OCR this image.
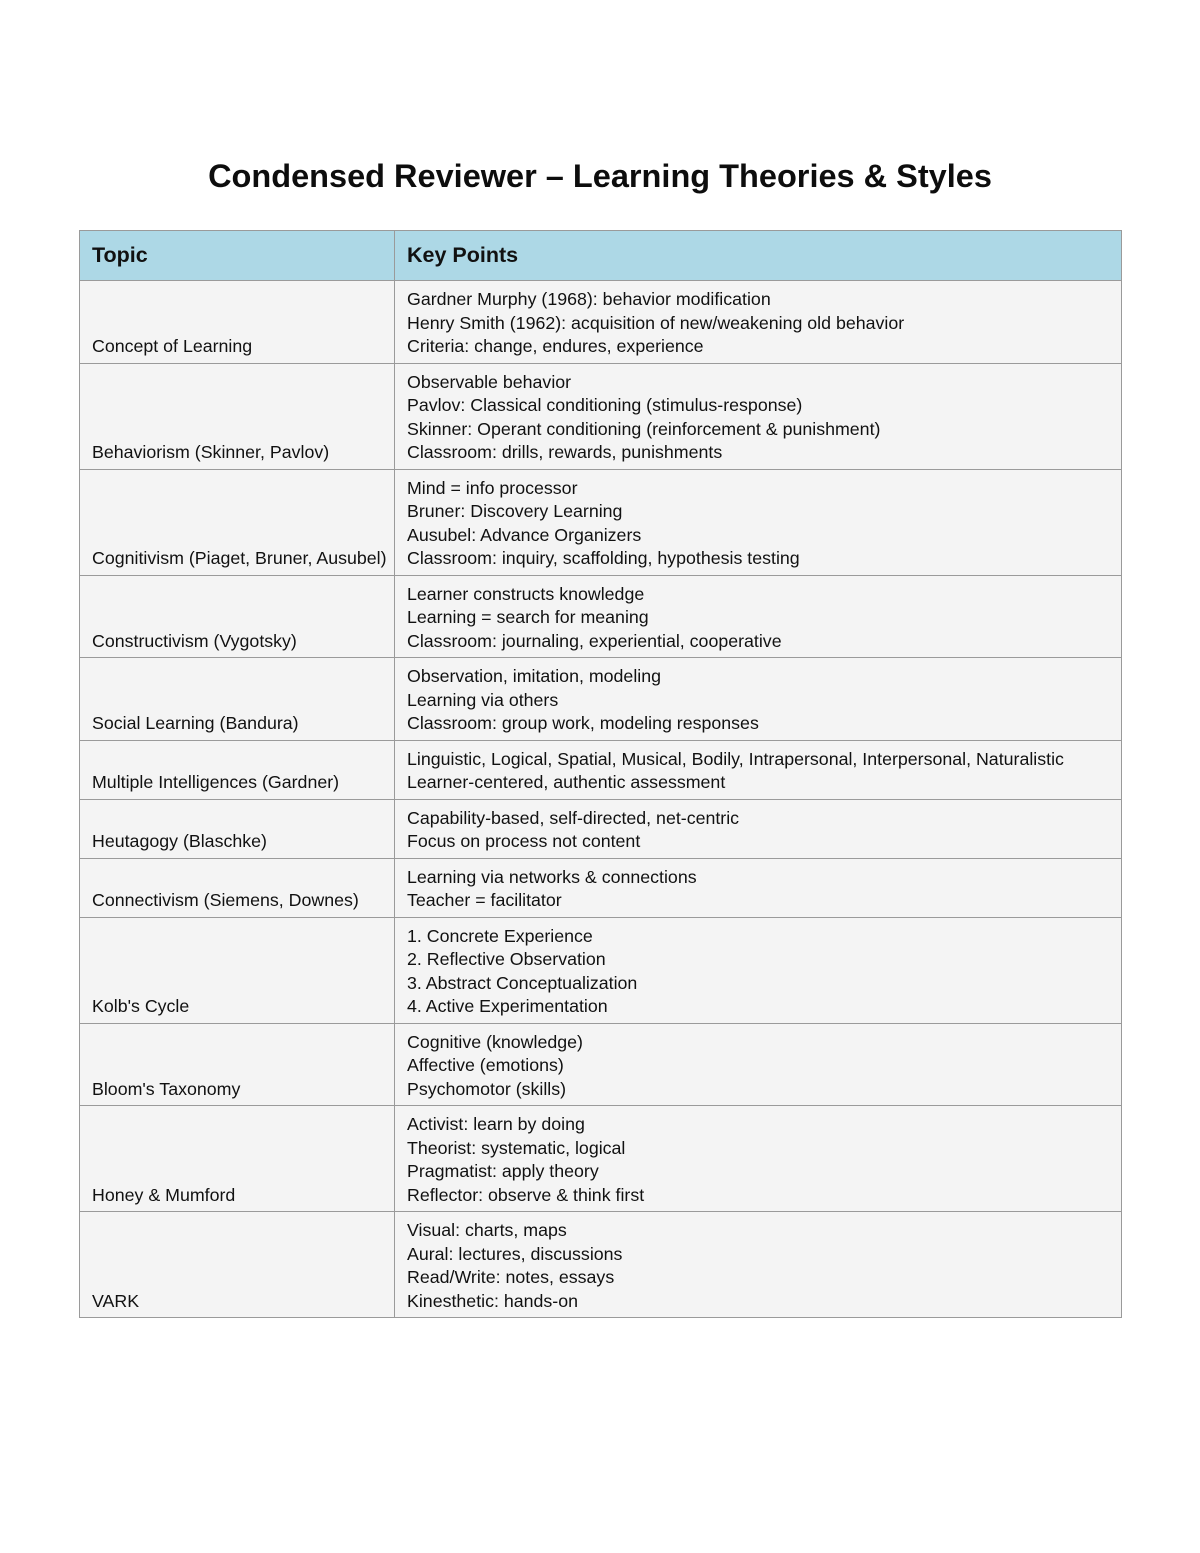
Condensed Reviewer – Learning Theories & Styles
Topic	Key Points
Concept of Learning	Gardner Murphy (1968): behavior modification
Henry Smith (1962): acquisition of new/weakening old behavior
Criteria: change, endures, experience

Behaviorism (Skinner, Pavlov)	Observable behavior
Pavlov: Classical conditioning (stimulus-response)
Skinner: Operant conditioning (reinforcement & punishment)
Classroom: drills, rewards, punishments

Cognitivism (Piaget, Bruner, Ausubel)	Mind = info processor
Bruner: Discovery Learning
Ausubel: Advance Organizers
Classroom: inquiry, scaffolding, hypothesis testing

Constructivism (Vygotsky)	Learner constructs knowledge
Learning = search for meaning
Classroom: journaling, experiential, cooperative

Social Learning (Bandura)	Observation, imitation, modeling
Learning via others
Classroom: group work, modeling responses

Multiple Intelligences (Gardner)	Linguistic, Logical, Spatial, Musical, Bodily, Intrapersonal, Interpersonal, Naturalistic
Learner-centered, authentic assessment

Heutagogy (Blaschke)	Capability-based, self-directed, net-centric
Focus on process not content

Connectivism (Siemens, Downes)	Learning via networks & connections
Teacher = facilitator

Kolb's Cycle	1. Concrete Experience
2. Reflective Observation
3. Abstract Conceptualization
4. Active Experimentation

Bloom's Taxonomy	Cognitive (knowledge)
Affective (emotions)
Psychomotor (skills)

Honey & Mumford	Activist: learn by doing
Theorist: systematic, logical
Pragmatist: apply theory
Reflector: observe & think first

VARK	Visual: charts, maps
Aural: lectures, discussions
Read/Write: notes, essays
Kinesthetic: hands-on
